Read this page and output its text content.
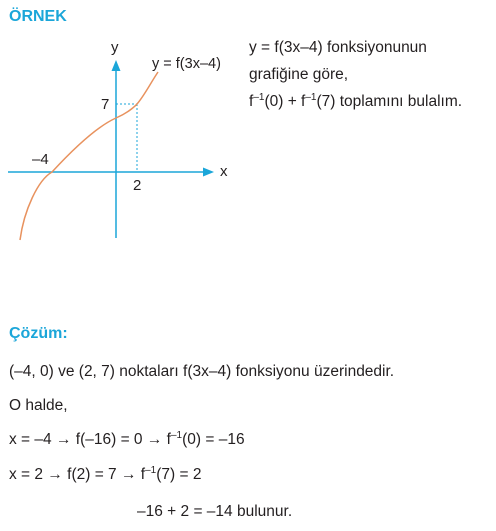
ÖRNEK
y
x
y = f(3x–4)
7
2
–4
y = f(3x–4) fonksiyonunun
grafiğine göre,
$f^{-1}(0) + f^{-1}(7)$ toplamını bulalım.
Çözüm:
(–4, 0) ve (2, 7) noktaları f(3x–4) fonksiyonu üzerindedir.
O halde,
$x = -4 \to f(-16) = 0 \to f^{-1}(0) = -16$
$x = 2 \to f(2) = 7 \to f^{-1}(7) = 2$
–16 + 2 = –14 bulunur.
